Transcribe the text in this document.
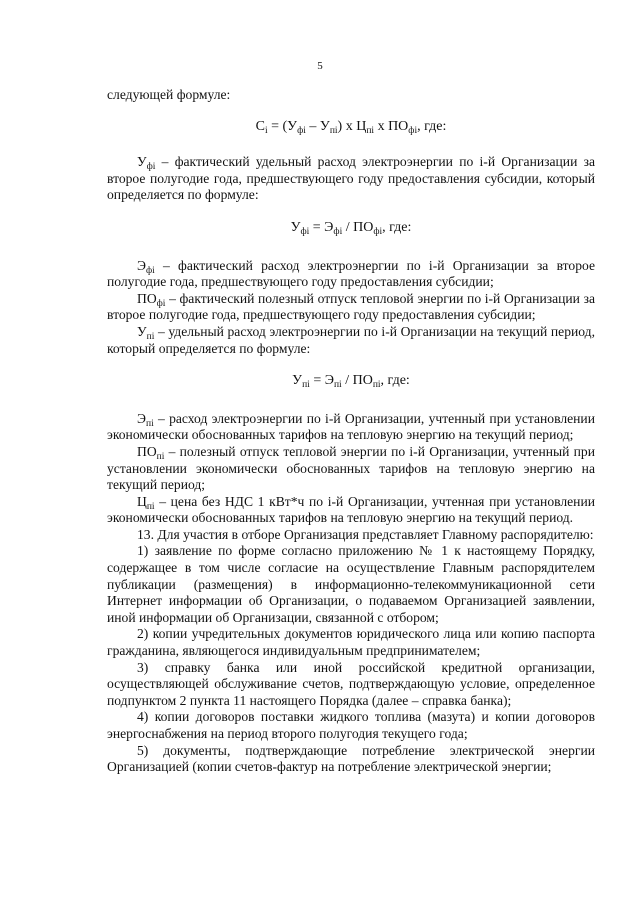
5

следующей формуле:

$C_i = (У_{фi} - У_{пi})$ x $Ц_{пi}$ x $ПО_{фi}$, где:

$У_{фi}$ – фактический удельный расход электроэнергии по i-й Организации за второе полугодие года, предшествующего году предоставления субсидии, который определяется по формуле:

$У_{фi} = Э_{фi} / ПО_{фi}$, где:

$Э_{фi}$ – фактический расход электроэнергии по i-й Организации за второе полугодие года, предшествующего году предоставления субсидии;

$ПО_{фi}$ – фактический полезный отпуск тепловой энергии по i-й Организации за второе полугодие года, предшествующего году предоставления субсидии;

$У_{пi}$ – удельный расход электроэнергии по i-й Организации на текущий период, который определяется по формуле:

$У_{пi} = Э_{пi} / ПО_{пi}$, где:

$Э_{пi}$ – расход электроэнергии по i-й Организации, учтенный при установлении экономически обоснованных тарифов на тепловую энергию на текущий период;

$ПО_{пi}$ – полезный отпуск тепловой энергии по i-й Организации, учтенный при установлении экономически обоснованных тарифов на тепловую энергию на текущий период;

$Ц_{пi}$ – цена без НДС 1 кВт*ч по i-й Организации, учтенная при установлении экономически обоснованных тарифов на тепловую энергию на текущий период.

13. Для участия в отборе Организация представляет Главному распорядителю:

1) заявление по форме согласно приложению № 1 к настоящему Порядку, содержащее в том числе согласие на осуществление Главным распорядителем публикации (размещения) в информационно-телекоммуникационной сети Интернет информации об Организации, о подаваемом Организацией заявлении, иной информации об Организации, связанной с отбором;

2) копии учредительных документов юридического лица или копию паспорта гражданина, являющегося индивидуальным предпринимателем;

3) справку банка или иной российской кредитной организации, осуществляющей обслуживание счетов, подтверждающую условие, определенное подпунктом 2 пункта 11 настоящего Порядка (далее – справка банка);

4) копии договоров поставки жидкого топлива (мазута) и копии договоров энергоснабжения на период второго полугодия текущего года;

5) документы, подтверждающие потребление электрической энергии Организацией (копии счетов-фактур на потребление электрической энергии;
